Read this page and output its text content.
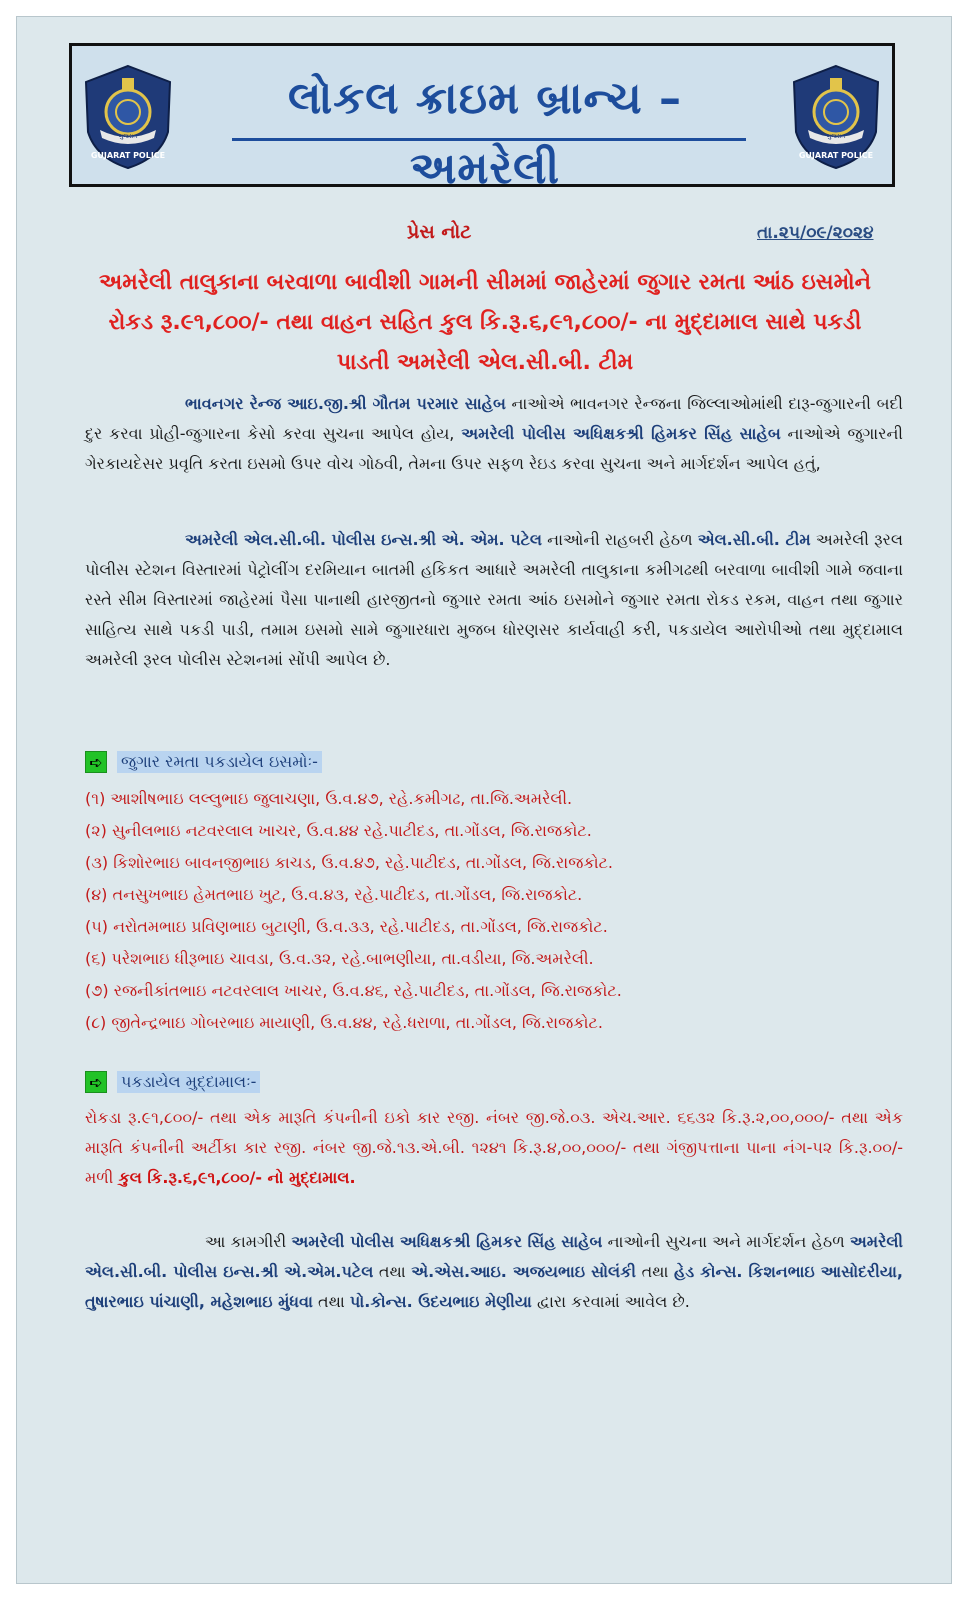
ગુજરાત
GUJARAT POLICE
લોકલ ક્રાઇમ બ્રાન્ચ – અમરેલી
ગુજરાત
GUJARAT POLICE
પ્રેસ નોટ	તા.૨૫/૦૯/૨૦૨૪
અમરેલી તાલુકાના બરવાળા બાવીશી ગામની સીમમાં જાહેરમાં જુગાર રમતા આંઠ ઇસમોને રોકડ રૂ.૯૧,૮૦૦/- તથા વાહન સહિત કુલ કિ.રૂ.૬,૯૧,૮૦૦/- ના મુદ્દામાલ સાથે પકડી પાડતી અમરેલી એલ.સી.બી. ટીમ
ભાવનગર રેન્જ આઇ.જી.શ્રી ગૌતમ પરમાર સાહેબ નાઓએ ભાવનગર રેન્જના જિલ્લાઓમાંથી દારૂ-જુગારની બદી દુર કરવા પ્રોહી-જુગારના કેસો કરવા સુચના આપેલ હોય, અમરેલી પોલીસ અધિક્ષકશ્રી હિમકર સિંહ સાહેબ નાઓએ જુગારની ગેરકાયદેસર પ્રવૃતિ કરતા ઇસમો ઉપર વોચ ગોઠવી, તેમના ઉપર સફળ રેઇડ કરવા સુચના અને માર્ગદર્શન આપેલ હતું,
અમરેલી એલ.સી.બી. પોલીસ ઇન્સ.શ્રી એ. એમ. પટેલ નાઓની રાહબરી હેઠળ એલ.સી.બી. ટીમ અમરેલી રૂરલ પોલીસ સ્ટેશન વિસ્તારમાં પેટ્રોલીંગ દરમિયાન બાતમી હકિકત આધારે અમરેલી તાલુકાના કમીગઢથી બરવાળા બાવીશી ગામે જવાના રસ્તે સીમ વિસ્તારમાં જાહેરમાં પૈસા પાનાથી હારજીતનો જુગાર રમતા આંઠ ઇસમોને જુગાર રમતા રોકડ રકમ, વાહન તથા જુગાર સાહિત્ય સાથે પકડી પાડી, તમામ ઇસમો સામે જુગારધારા મુજબ ધોરણસર કાર્યવાહી કરી, પકડાયેલ આરોપીઓ તથા મુદ્દામાલ અમરેલી રૂરલ પોલીસ સ્ટેશનમાં સોંપી આપેલ છે.
➪ જુગાર રમતા પકડાયેલ ઇસમોઃ-
(૧) આશીષભાઇ લલ્લુભાઇ જુલાચણા, ઉ.વ.૪૭, રહે.કમીગઢ, તા.જિ.અમરેલી.
(૨) સુનીલભાઇ નટવરલાલ ખાચર, ઉ.વ.૪૪ રહે.પાટીદડ, તા.ગોંડલ, જિ.રાજકોટ.
(૩) કિશોરભાઇ બાવનજીભાઇ કાચડ, ઉ.વ.૪૭, રહે.પાટીદડ, તા.ગોંડલ, જિ.રાજકોટ.
(૪) તનસુખભાઇ હેમતભાઇ ખુટ, ઉ.વ.૪૩, રહે.પાટીદડ, તા.ગોંડલ, જિ.રાજકોટ.
(૫) નરોતમભાઇ પ્રવિણભાઇ બુટાણી, ઉ.વ.૩૩, રહે.પાટીદડ, તા.ગોંડલ, જિ.રાજકોટ.
(૬) પરેશભાઇ ધીરૂભાઇ ચાવડા, ઉ.વ.૩૨, રહે.બાભણીયા, તા.વડીયા, જિ.અમરેલી.
(૭) રજનીકાંતભાઇ નટવરલાલ ખાચર, ઉ.વ.૪૬, રહે.પાટીદડ, તા.ગોંડલ, જિ.રાજકોટ.
(૮) જીતેન્દ્રભાઇ ગોબરભાઇ માયાણી, ઉ.વ.૪૪, રહે.ધરાળા, તા.ગોંડલ, જિ.રાજકોટ.
➪ પકડાયેલ મુદ્દામાલઃ-
રોકડા રૂ.૯૧,૮૦૦/- તથા એક મારૂતિ કંપનીની ઇકો કાર રજી. નંબર જી.જે.૦૩. એચ.આર. ૬૬૩૨ કિ.રૂ.૨,૦૦,૦૦૦/- તથા એક મારૂતિ કંપનીની અર્ટીકા કાર રજી. નંબર જી.જે.૧૩.એ.બી. ૧૨૪૧ કિ.રૂ.૪,૦૦,૦૦૦/- તથા ગંજીપત્તાના પાના નંગ-૫૨ કિ.રૂ.૦૦/- મળી કુલ કિ.રૂ.૬,૯૧,૮૦૦/- નો મુદ્દામાલ.
આ કામગીરી અમરેલી પોલીસ અધિક્ષકશ્રી હિમકર સિંહ સાહેબ નાઓની સુચના અને માર્ગદર્શન હેઠળ અમરેલી એલ.સી.બી. પોલીસ ઇન્સ.શ્રી એ.એમ.પટેલ તથા એ.એસ.આઇ. અજયભાઇ સોલંકી તથા હેડ કોન્સ. કિશનભાઇ આસોદરીયા, તુષારભાઇ પાંચાણી, મહેશભાઇ મુંધવા તથા પો.કોન્સ. ઉદયભાઇ મેણીયા દ્વારા કરવામાં આવેલ છે.
